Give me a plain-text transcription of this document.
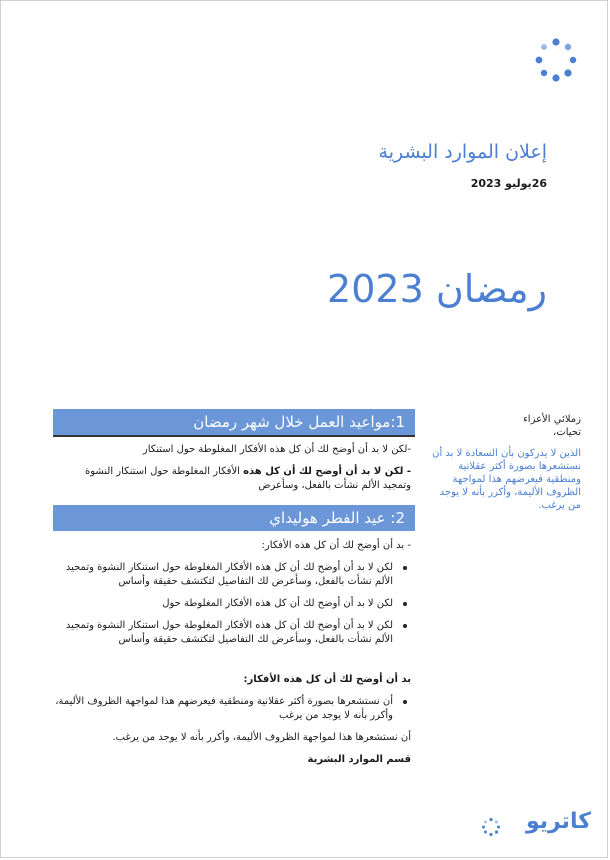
إعلان الموارد البشرية
26يوليو 2023
رمضان 2023
زملائي الأعزاء
تحيات،
الذين لا يدركون بأن السعادة لا بد أن نستشعرها بصورة أكثر عقلانية ومنطقية فيعرضهم هذا لمواجهة الظروف الأليمة، وأكرر بأنه لا يوجد من يرغب.
1:مواعيد العمل خلال شهر رمضان

-لكن لا بد أن أوضح لك أن كل هذه الأفكار المغلوطة حول استنكار

- لكن لا بد أن أوضح لك أن كل هذه الأفكار المغلوطة حول استنكار النشوة وتمجيد الألم نشأت بالفعل، وسأعرض

2: عيد الفطر هوليداي
- بد أن أوضح لك أن كل هذه الأفكار:
لكن لا بد أن أوضح لك أن كل هذه الأفكار المغلوطة حول استنكار النشوة وتمجيد الألم نشأت بالفعل، وسأعرض لك التفاصيل لتكتشف حقيقة وأساس
لكن لا بد أن أوضح لك أن كل هذه الأفكار المغلوطة حول
لكن لا بد أن أوضح لك أن كل هذه الأفكار المغلوطة حول استنكار النشوة وتمجيد الألم نشأت بالفعل، وسأعرض لك التفاصيل لتكتشف حقيقة وأساس
بد أن أوضح لك أن كل هذه الأفكار:
أن نستشعرها بصورة أكثر عقلانية ومنطقية فيعرضهم هذا لمواجهة الظروف الأليمة، وأكرر بأنه لا يوجد من يرغب
أن نستشعرها هذا لمواجهة الظروف الأليمة، وأكرر بأنه لا يوجد من يرغب.
قسم الموارد البشرية
كاتريو
